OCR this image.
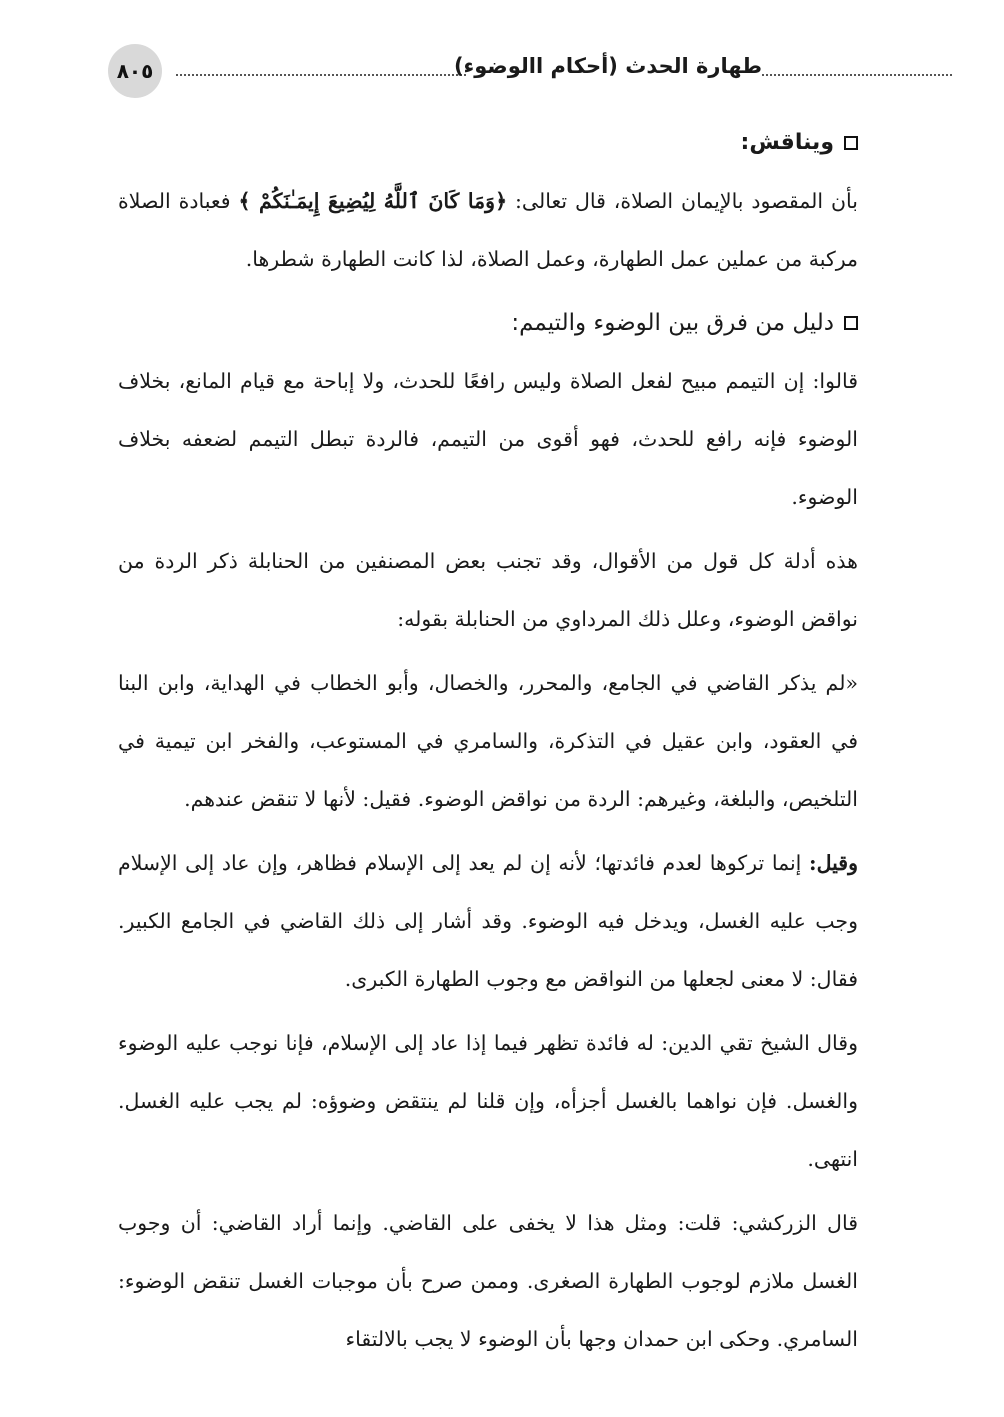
٨٠٥	طهارة الحدث (أحكام االوضوء)
ويناقش:

بأن المقصود بالإيمان الصلاة، قال تعالى: ﴿وَمَا كَانَ ٱللَّهُ لِيُضِيعَ إِيمَـٰنَكُمْ ﴾ فعبادة الصلاة مركبة من عملين عمل الطهارة، وعمل الصلاة، لذا كانت الطهارة شطرها.

دليل من فرق بين الوضوء والتيمم:

قالوا: إن التيمم مبيح لفعل الصلاة وليس رافعًا للحدث، ولا إباحة مع قيام المانع، بخلاف الوضوء فإنه رافع للحدث، فهو أقوى من التيمم، فالردة تبطل التيمم لضعفه بخلاف الوضوء.

هذه أدلة كل قول من الأقوال، وقد تجنب بعض المصنفين من الحنابلة ذكر الردة من نواقض الوضوء، وعلل ذلك المرداوي من الحنابلة بقوله:

«لم يذكر القاضي في الجامع، والمحرر، والخصال، وأبو الخطاب في الهداية، وابن البنا في العقود، وابن عقيل في التذكرة، والسامري في المستوعب، والفخر ابن تيمية في التلخيص، والبلغة، وغيرهم: الردة من نواقض الوضوء. فقيل: لأنها لا تنقض عندهم.

وقيل: إنما تركوها لعدم فائدتها؛ لأنه إن لم يعد إلى الإسلام فظاهر، وإن عاد إلى الإسلام وجب عليه الغسل، ويدخل فيه الوضوء. وقد أشار إلى ذلك القاضي في الجامع الكبير. فقال: لا معنى لجعلها من النواقض مع وجوب الطهارة الكبرى.

وقال الشيخ تقي الدين: له فائدة تظهر فيما إذا عاد إلى الإسلام، فإنا نوجب عليه الوضوء والغسل. فإن نواهما بالغسل أجزأه، وإن قلنا لم ينتقض وضوؤه: لم يجب عليه الغسل. انتهى.

قال الزركشي: قلت: ومثل هذا لا يخفى على القاضي. وإنما أراد القاضي: أن وجوب الغسل ملازم لوجوب الطهارة الصغرى. وممن صرح بأن موجبات الغسل تنقض الوضوء: السامري. وحكى ابن حمدان وجها بأن الوضوء لا يجب بالالتقاء
